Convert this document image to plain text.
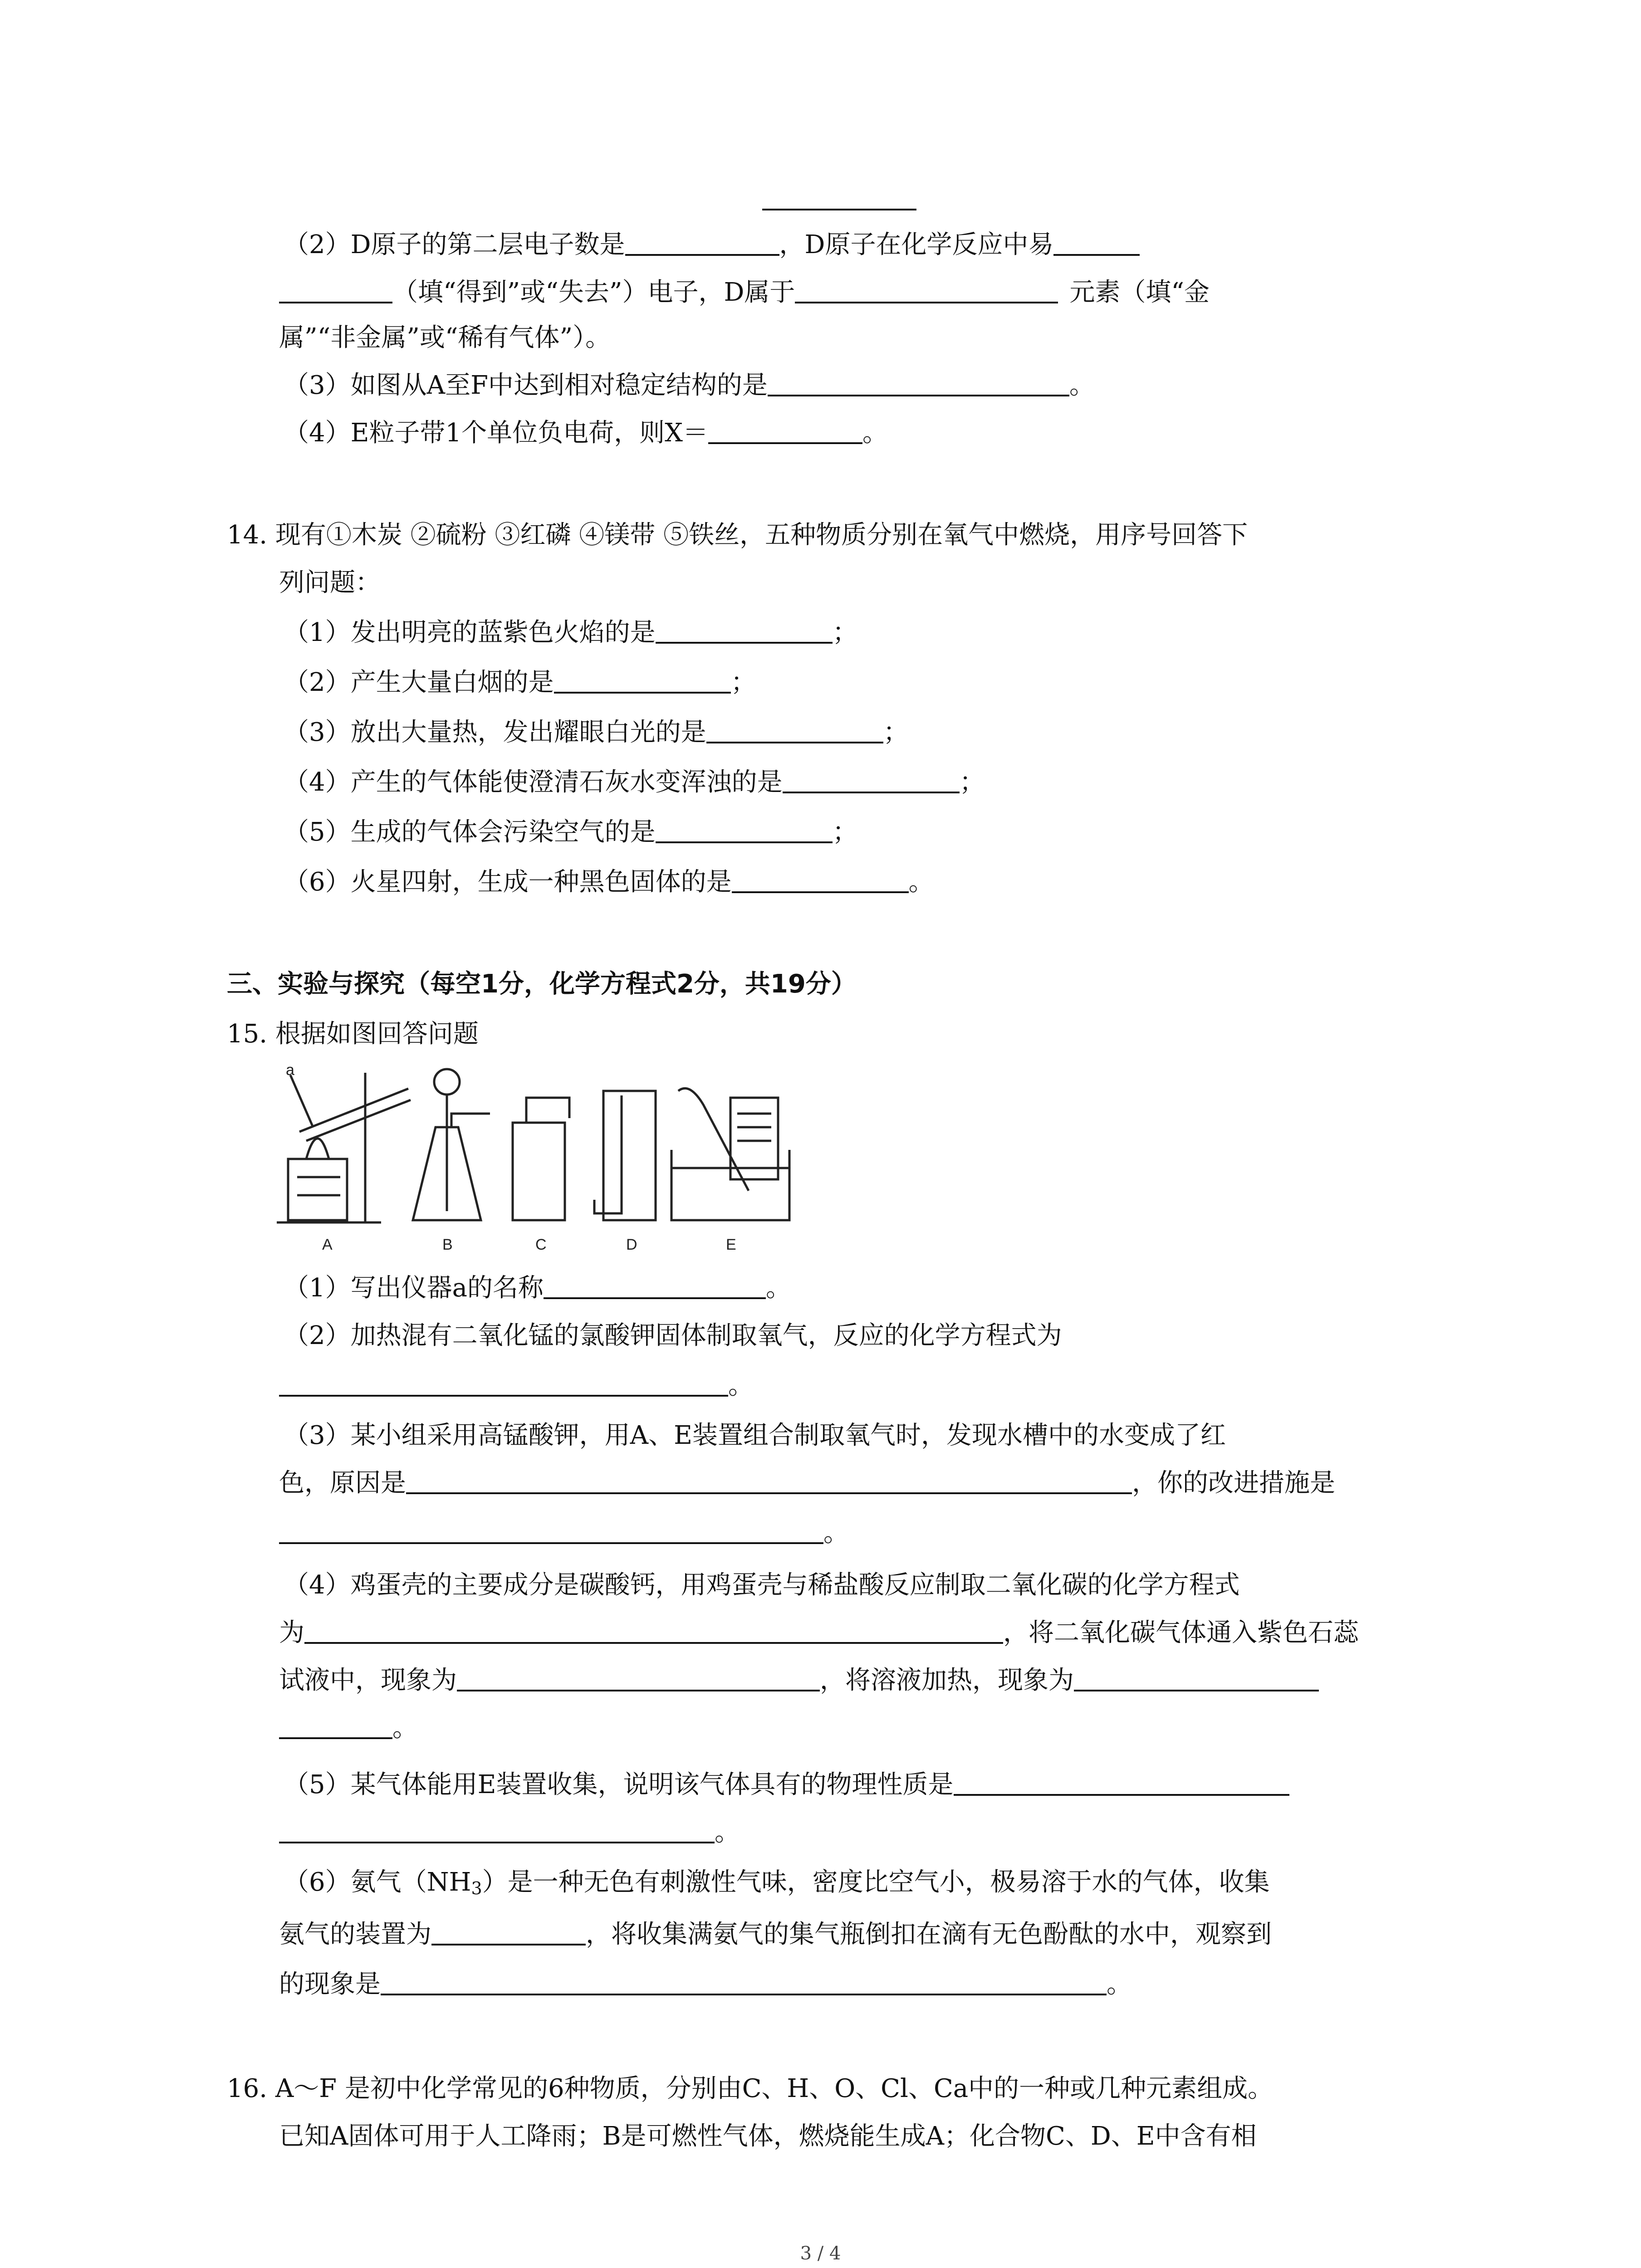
（2）D原子的第二层电子数是	，D原子在化学反应中易
（填“得到”或“失去”）电子，D属于	元素（填“金
属”“非金属”或“稀有气体”）。
（3）如图从A至F中达到相对稳定结构的是	。
（4）E粒子带1个单位负电荷，则X＝	。
14. 现有①木炭 ②硫粉 ③红磷 ④镁带 ⑤铁丝，五种物质分别在氧气中燃烧，用序号回答下
列问题：
（1）发出明亮的蓝紫色火焰的是	；
（2）产生大量白烟的是	；
（3）放出大量热，发出耀眼白光的是	；
（4）产生的气体能使澄清石灰水变浑浊的是	；
（5）生成的气体会污染空气的是	；
（6）火星四射，生成一种黑色固体的是	。
三、实验与探究（每空1分，化学方程式2分，共19分）
15. 根据如图回答问题
a
A	B	C	D	E
（1）写出仪器a的名称	。
（2）加热混有二氧化锰的氯酸钾固体制取氧气，反应的化学方程式为
。
（3）某小组采用高锰酸钾，用A、E装置组合制取氧气时，发现水槽中的水变成了红
色，原因是	，你的改进措施是
。
（4）鸡蛋壳的主要成分是碳酸钙，用鸡蛋壳与稀盐酸反应制取二氧化碳的化学方程式
为	，将二氧化碳气体通入紫色石蕊
试液中，现象为	，将溶液加热，现象为
。
（5）某气体能用E装置收集，说明该气体具有的物理性质是
。
（6）氨气$(NH_3)$是一种无色有刺激性气味，密度比空气小，极易溶于水的气体，收集
氨气的装置为	，将收集满氨气的集气瓶倒扣在滴有无色酚酞的水中，观察到
的现象是	。
16. A～F 是初中化学常见的6种物质，分别由C、H、O、Cl、Ca中的一种或几种元素组成。
已知A固体可用于人工降雨；B是可燃性气体，燃烧能生成A；化合物C、D、E中含有相
3 / 4
